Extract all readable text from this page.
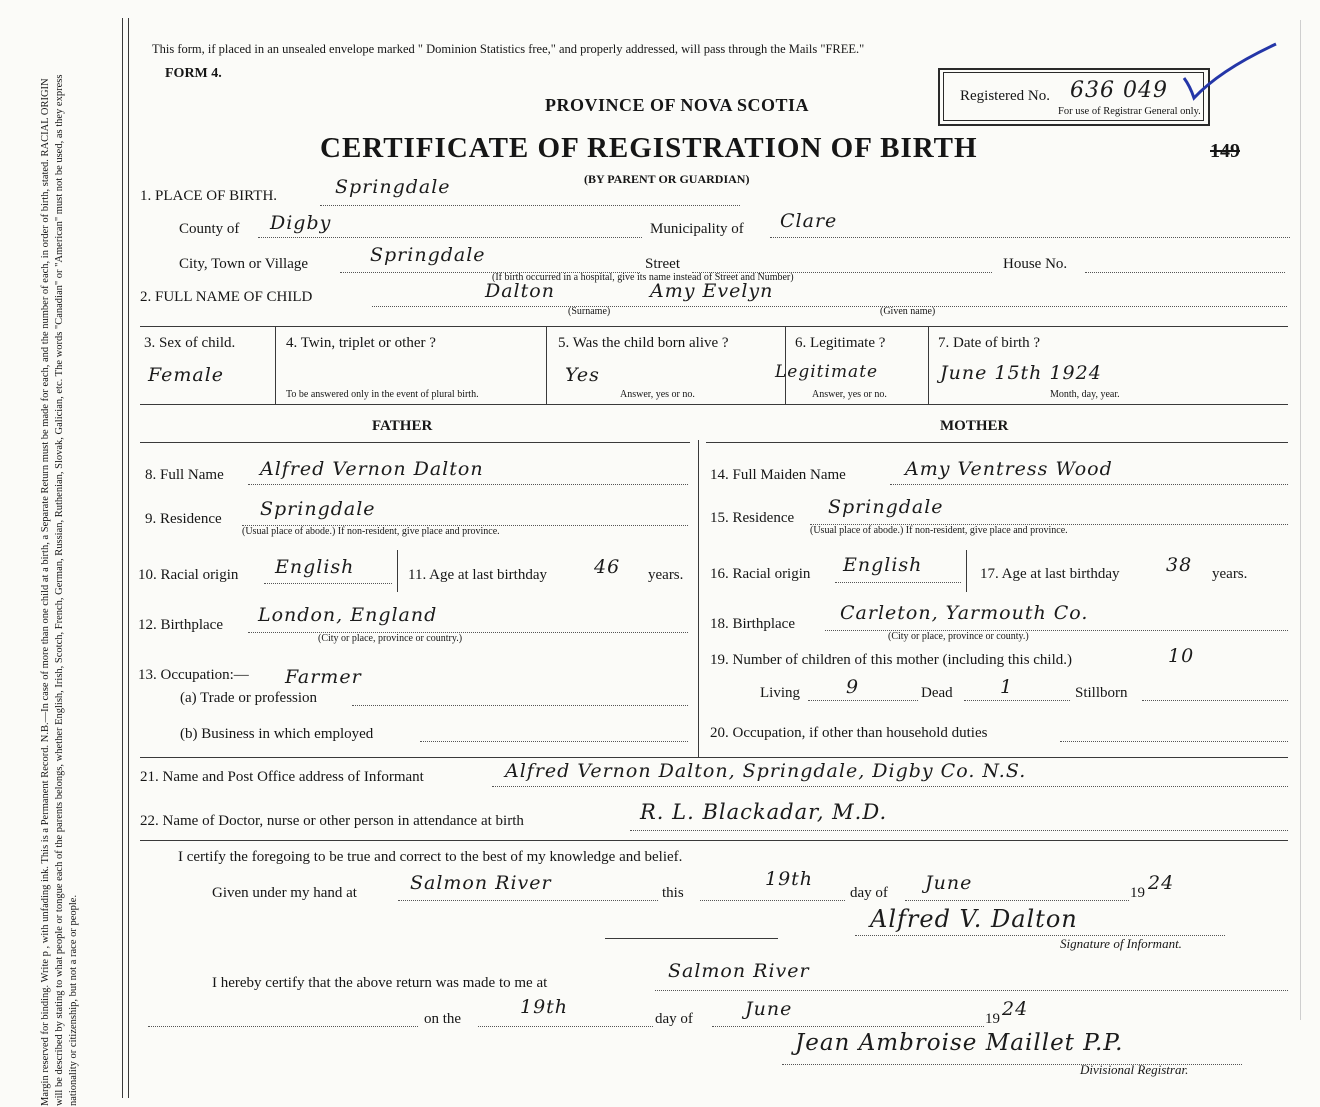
Margin reserved for binding. Write p , with unfading ink. This is a Permanent Record. N.B.—In case of more than one child at a birth, a Separate Return must be made for each, and the number of each, in order of birth, stated. RACIAL ORIGIN will be described by stating to what people or tongue each of the parents belongs, whether English, Irish, Scotch, French, German, Russian, Ruthenian, Slovak, Galician, etc. The words "Canadian" or "American" must not be used, as they express nationality or citizenship, but not a race or people.
This form, if placed in an unsealed envelope marked " Dominion Statistics free," and properly addressed, will pass through the Mails "FREE."
FORM 4.
PROVINCE OF NOVA SCOTIA
CERTIFICATE OF REGISTRATION OF BIRTH
(BY PARENT OR GUARDIAN)
Registered No. 636 049
For use of Registrar General only.
149
1. PLACE OF BIRTH.	Springdale
County of Digby	Municipality of Clare
City, Town or Village	Springdale	Street	House No.
(If birth occurred in a hospital, give its name instead of Street and Number)
2. FULL NAME OF CHILD	Dalton	Amy Evelyn
(Surname)	(Given name)
3. Sex of child.
Female
4. Twin, triplet or other ?
To be answered only in the event of plural birth.
5. Was the child born alive ?
Yes
Answer, yes or no.
6. Legitimate ?
Legitimate
Answer, yes or no.
7. Date of birth ?
June 15th 1924
Month, day, year.
FATHER	MOTHER
8. Full Name Alfred Vernon Dalton
9. Residence Springdale
(Usual place of abode.) If non-resident, give place and province.
10. Racial origin English	11. Age at last birthday 46 years.
12. Birthplace London, England
(City or place, province or country.)
13. Occupation:— Farmer
(a) Trade or profession
(b) Business in which employed
14. Full Maiden Name	Amy Ventress Wood
15. Residence Springdale
(Usual place of abode.) If non-resident, give place and province.
16. Racial origin English	17. Age at last birthday 38 years.
18. Birthplace Carleton, Yarmouth Co.
(City or place, province or county.)
19. Number of children of this mother (including this child.)	10
Living 9	Dead 1	Stillborn
20. Occupation, if other than household duties
21. Name and Post Office address of Informant	Alfred Vernon Dalton, Springdale, Digby Co. N.S.
22. Name of Doctor, nurse or other person in attendance at birth	R. L. Blackadar, M.D.
I certify the foregoing to be true and correct to the best of my knowledge and belief.
Given under my hand at	Salmon River	this
19th
day of June	19 24
Alfred V. Dalton
Signature of Informant.
I hereby certify that the above return was made to me at
Salmon River
on the
19th
day of	June	19 24
Jean Ambroise Maillet P.P.
Divisional Registrar.
